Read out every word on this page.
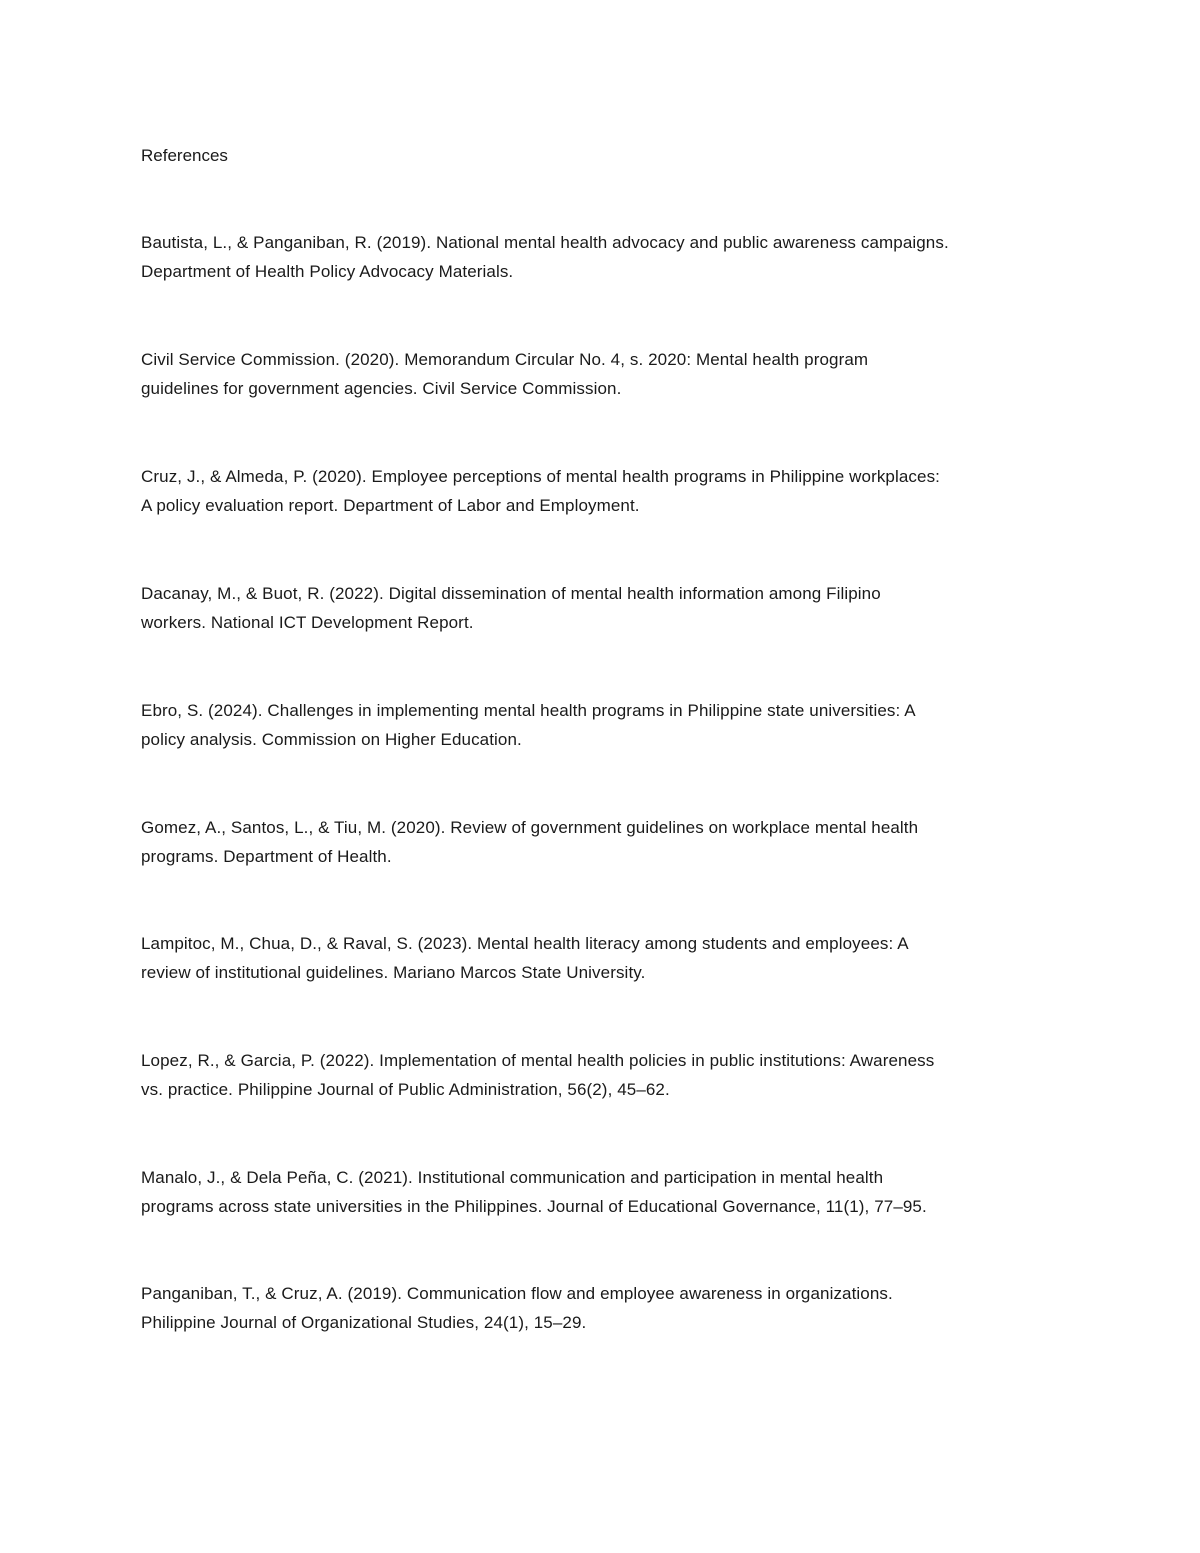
References

Bautista, L., & Panganiban, R. (2019). National mental health advocacy and public awareness campaigns.
Department of Health Policy Advocacy Materials.

Civil Service Commission. (2020). Memorandum Circular No. 4, s. 2020: Mental health program
guidelines for government agencies. Civil Service Commission.

Cruz, J., & Almeda, P. (2020). Employee perceptions of mental health programs in Philippine workplaces:
A policy evaluation report. Department of Labor and Employment.

Dacanay, M., & Buot, R. (2022). Digital dissemination of mental health information among Filipino
workers. National ICT Development Report.

Ebro, S. (2024). Challenges in implementing mental health programs in Philippine state universities: A
policy analysis. Commission on Higher Education.

Gomez, A., Santos, L., & Tiu, M. (2020). Review of government guidelines on workplace mental health
programs. Department of Health.

Lampitoc, M., Chua, D., & Raval, S. (2023). Mental health literacy among students and employees: A
review of institutional guidelines. Mariano Marcos State University.

Lopez, R., & Garcia, P. (2022). Implementation of mental health policies in public institutions: Awareness
vs. practice. Philippine Journal of Public Administration, 56(2), 45–62.

Manalo, J., & Dela Peña, C. (2021). Institutional communication and participation in mental health
programs across state universities in the Philippines. Journal of Educational Governance, 11(1), 77–95.

Panganiban, T., & Cruz, A. (2019). Communication flow and employee awareness in organizations.
Philippine Journal of Organizational Studies, 24(1), 15–29.
